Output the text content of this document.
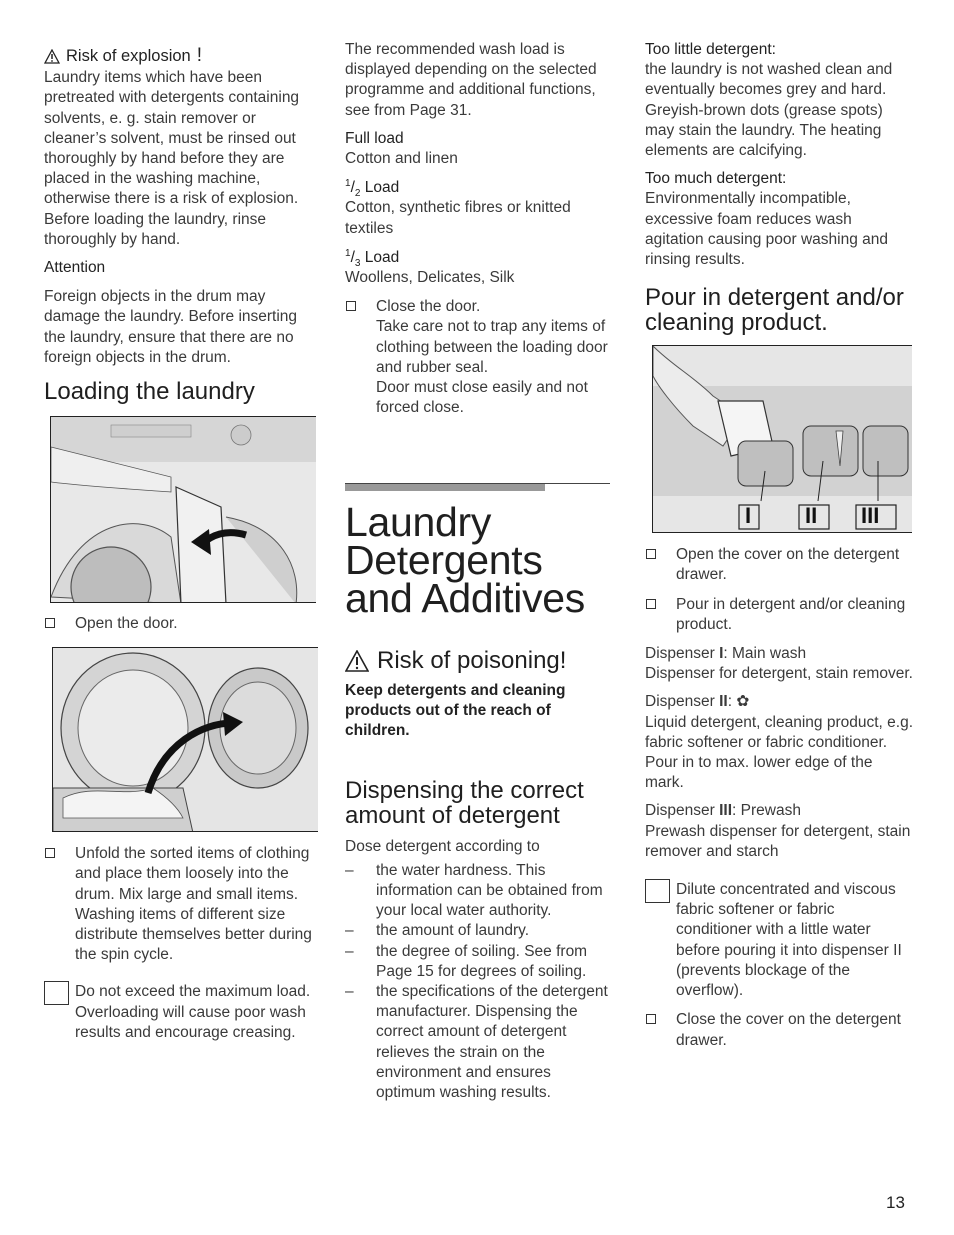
Risk of explosion !

Laundry items which have been pretreated with detergents containing solvents, e. g. stain remover or cleaner’s solvent, must be rinsed out thoroughly by hand before they are placed in the washing machine, otherwise there is a risk of explosion. Before loading the laundry, rinse thoroughly by hand.

Attention

Foreign objects in the drum may damage the laundry. Before inserting the laundry, ensure that there are no foreign objects in the drum.

Loading the laundry
Open the door.
Unfold the sorted items of clothing and place them loosely into the drum. Mix large and small items. Washing items of different size distribute themselves better during the spin cycle.
Do not exceed the maximum load. Overloading will cause poor wash results and encourage creasing.

The recommended wash load is displayed depending on the selected programme and additional functions, see from Page 31.

Full load

Cotton and linen

$^1/_2$ Load

Cotton, synthetic fibres or knitted textiles

$^1/_3$ Load

Woollens, Delicates, Silk

Close the door.

Take care not to trap any items of clothing between the loading door and rubber seal.

Door must close easily and not forced close.

Laundry
Detergents
and Additives
Risk of poisoning!

Keep detergents and cleaning products out of the reach of children.

Dispensing the correct amount of detergent

Dose detergent according to

– the water hardness. This information can be obtained from your local water authority.
– the amount of laundry.
– the degree of soiling. See from Page 15 for degrees of soiling.
– the specifications of the detergent manufacturer. Dispensing the correct amount of detergent relieves the strain on the environment and ensures optimum washing results.

Too little detergent:

the laundry is not washed clean and eventually becomes grey and hard. Greyish-brown dots (grease spots) may stain the laundry. The heating elements are calcifying.

Too much detergent:

Environmentally incompatible, excessive foam reduces wash agitation causing poor washing and rinsing results.

Pour in detergent and/or cleaning product.
I II III
Open the cover on the detergent drawer.
Pour in detergent and/or cleaning product.

Dispenser I: Main wash

Dispenser for detergent, stain remover.

Dispenser II: ✿

Liquid detergent, cleaning product, e.g. fabric softener or fabric conditioner. Pour in to max. lower edge of the mark.

Dispenser III: Prewash

Prewash dispenser for detergent, stain remover and starch

Dilute concentrated and viscous fabric softener or fabric conditioner with a little water before pouring it into dispenser II (prevents blockage of the overflow).
Close the cover on the detergent drawer.
13
